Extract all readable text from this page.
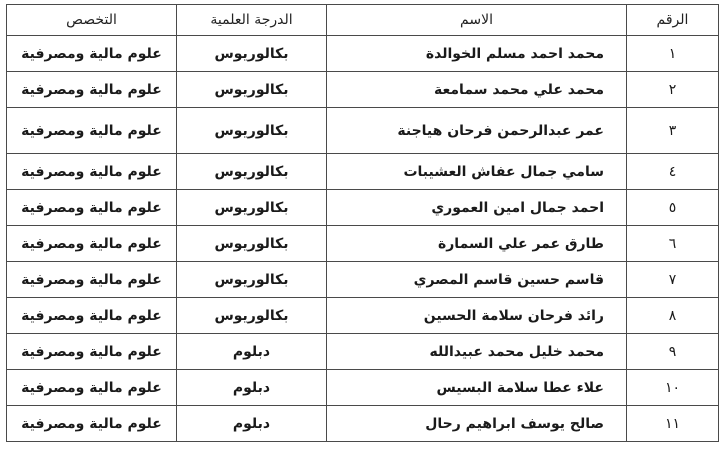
الرقم	الاسم	الدرجة العلمية	التخصص
١	محمد احمد مسلم الخوالدة	بكالوريوس	علوم مالية ومصرفية
٢	محمد علي محمد سمامعة	بكالوريوس	علوم مالية ومصرفية
٣	عمر عبدالرحمن فرحان هياجنة	بكالوريوس	علوم مالية ومصرفية
٤	سامي جمال عفاش العشيبات	بكالوريوس	علوم مالية ومصرفية
٥	احمد جمال امين العموري	بكالوريوس	علوم مالية ومصرفية
٦	طارق عمر علي السمارة	بكالوريوس	علوم مالية ومصرفية
٧	قاسم حسين قاسم المصري	بكالوريوس	علوم مالية ومصرفية
٨	رائد فرحان سلامة الحسين	بكالوريوس	علوم مالية ومصرفية
٩	محمد خليل محمد عبيدالله	دبلوم	علوم مالية ومصرفية
١٠	علاء عطا سلامة البسيس	دبلوم	علوم مالية ومصرفية
١١	صالح يوسف ابراهيم رحال	دبلوم	علوم مالية ومصرفية
